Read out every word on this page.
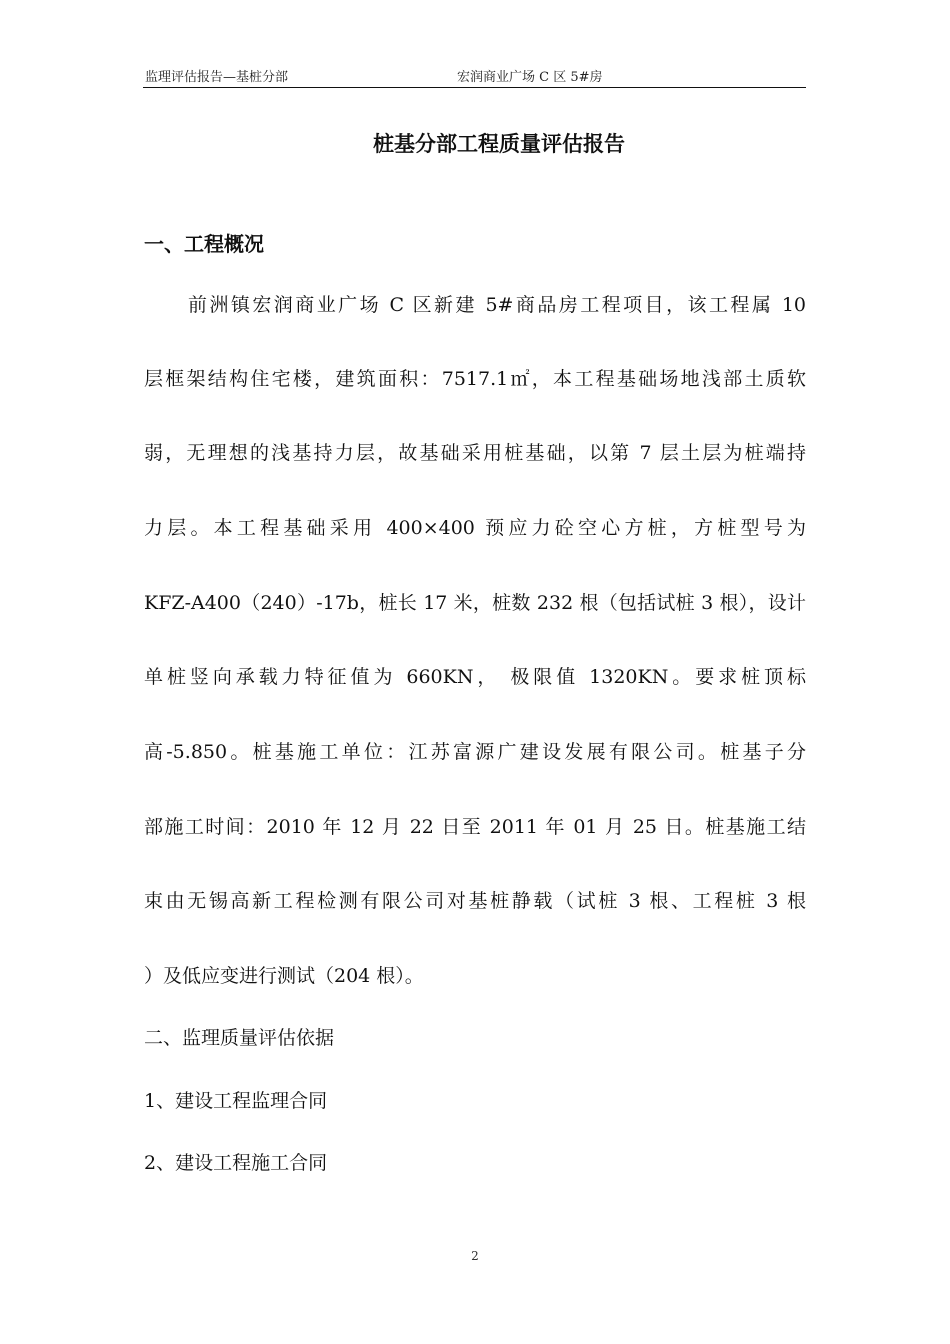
监理评估报告—基桩分部	宏润商业广场 C 区 5#房
桩基分部工程质量评估报告
一、工程概况
前洲镇宏润商业广场 C 区新建 5#商品房工程项目，该工程属 10
层框架结构住宅楼，建筑面积：7517.1㎡，本工程基础场地浅部土质软
弱，无理想的浅基持力层，故基础采用桩基础，以第 7 层土层为桩端持
力层。本工程基础采用 400×400 预应力砼空心方桩，方桩型号为
KFZ-A400（240）-17b，桩长 17 米，桩数 232 根（包括试桩 3 根），设计
单桩竖向承载力特征值为 660KN， 极限值 1320KN。要求桩顶标
高-5.850。桩基施工单位：江苏富源广建设发展有限公司。桩基子分
部施工时间：2010 年 12 月 22 日至 2011 年 01 月 25 日。桩基施工结
束由无锡高新工程检测有限公司对基桩静载（试桩 3 根、工程桩 3 根
）及低应变进行测试（204 根）。
二、监理质量评估依据
1、建设工程监理合同
2、建设工程施工合同
2
